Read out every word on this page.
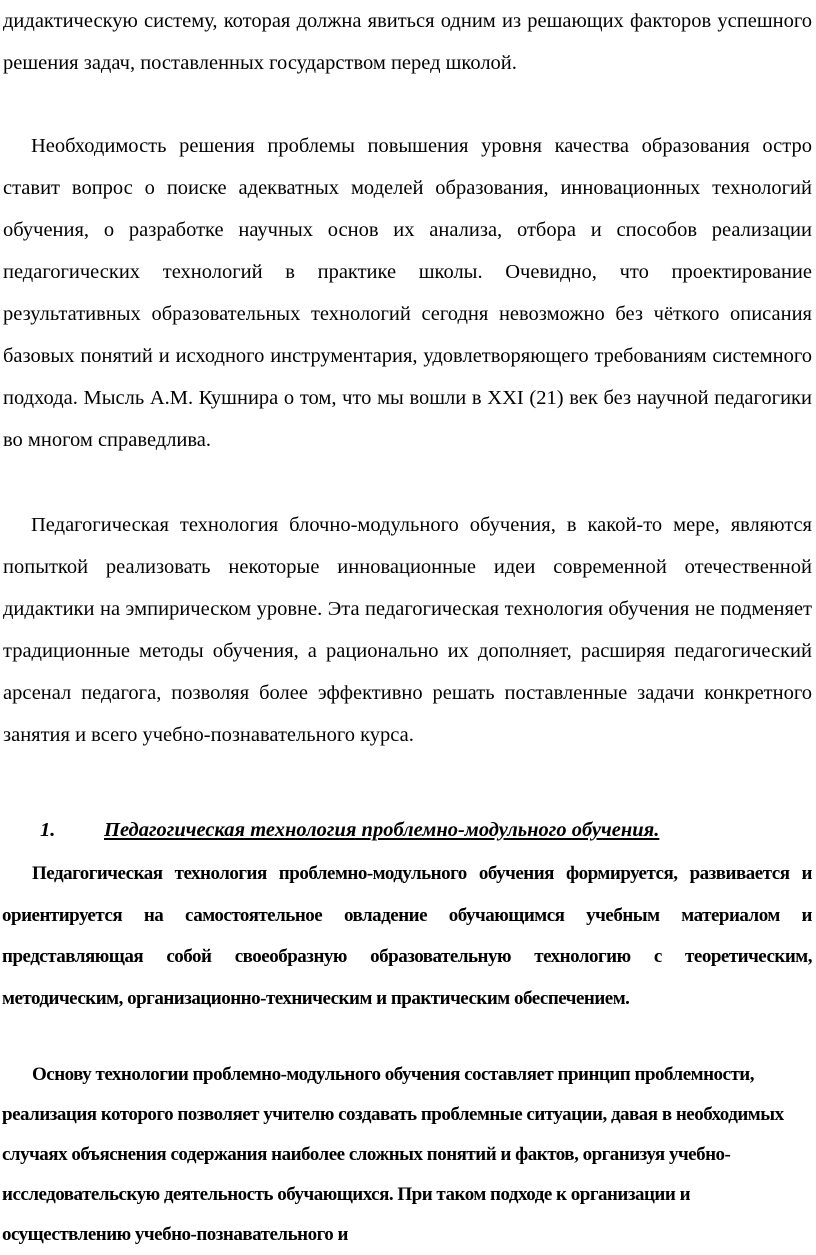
дидактическую систему, которая должна явиться одним из решающих факторов успешного решения задач, поставленных государством перед школой.

Необходимость решения проблемы повышения уровня качества образования остро ставит вопрос о поиске адекватных моделей образования, инновационных технологий обучения, о разработке научных основ их анализа, отбора и способов реализации педагогических технологий в практике школы. Очевидно, что проектирование результативных образовательных технологий сегодня невозможно без чёткого описания базовых понятий и исходного инструментария, удовлетворяющего требованиям системного подхода. Мысль А.М. Кушнира о том, что мы вошли в XXI (21) век без научной педагогики во многом справедлива.

Педагогическая технология блочно-модульного обучения, в какой-то мере, являются попыткой реализовать некоторые инновационные идеи современной отечественной дидактики на эмпирическом уровне. Эта педагогическая технология обучения не подменяет традиционные методы обучения, а рационально их дополняет, расширяя педагогический арсенал педагога, позволяя более эффективно решать поставленные задачи конкретного занятия и всего учебно-познавательного курса.

1. Педагогическая технология проблемно-модульного обучения.

Педагогическая технология проблемно-модульного обучения формируется, развивается и ориентируется на самостоятельное овладение обучающимся учебным материалом и представляющая собой своеобразную образовательную технологию с теоретическим, методическим, организационно-техническим и практическим обеспечением.

Основу технологии проблемно-модульного обучения составляет принцип проблемности, реализация которого позволяет учителю создавать проблемные ситуации, давая в необходимых случаях объяснения содержания наиболее сложных понятий и фактов, организуя учебно-исследовательскую деятельность обучающихся. При таком подходе к организации и осуществлению учебно-познавательного и
